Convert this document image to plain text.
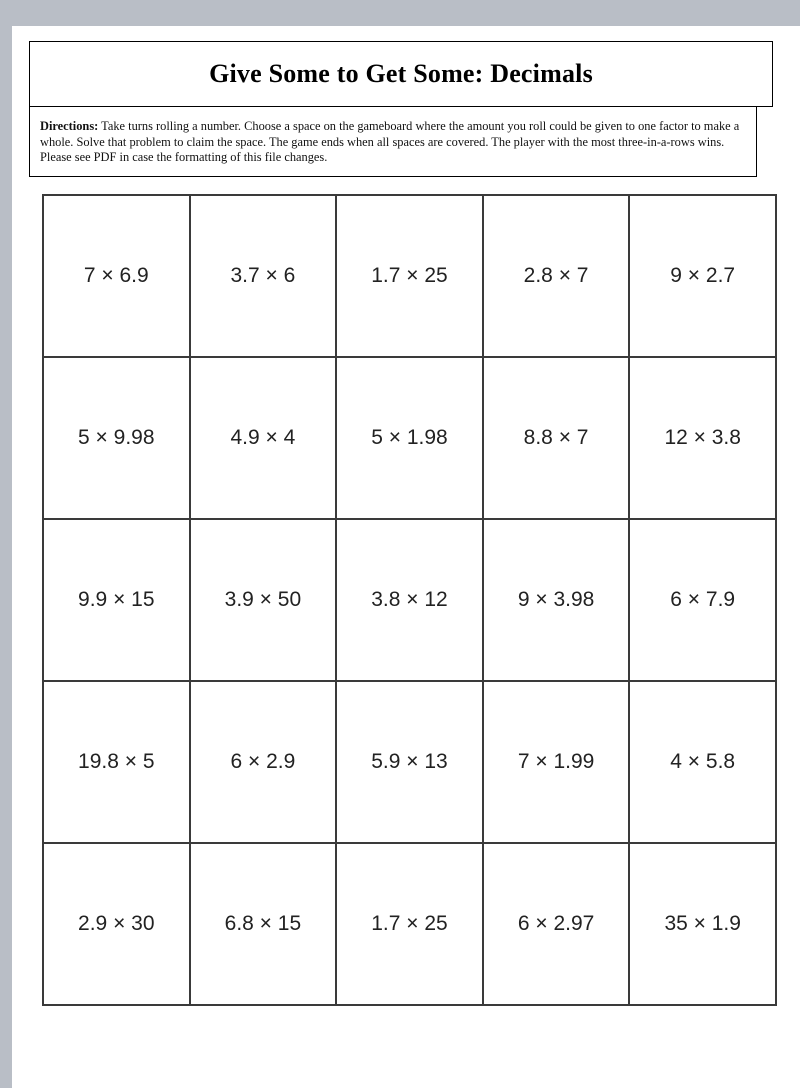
Give Some to Get Some: Decimals
Directions: Take turns rolling a number. Choose a space on the gameboard where the amount you roll could be given to one factor to make a whole. Solve that problem to claim the space. The game ends when all spaces are covered. The player with the most three-in-a-rows wins. Please see PDF in case the formatting of this file changes.
7 × 6.9	3.7 × 6	1.7 × 25	2.8 × 7	9 × 2.7
5 × 9.98	4.9 × 4	5 × 1.98	8.8 × 7	12 × 3.8
9.9 × 15	3.9 × 50	3.8 × 12	9 × 3.98	6 × 7.9
19.8 × 5	6 × 2.9	5.9 × 13	7 × 1.99	4 × 5.8
2.9 × 30	6.8 × 15	1.7 × 25	6 × 2.97	35 × 1.9
